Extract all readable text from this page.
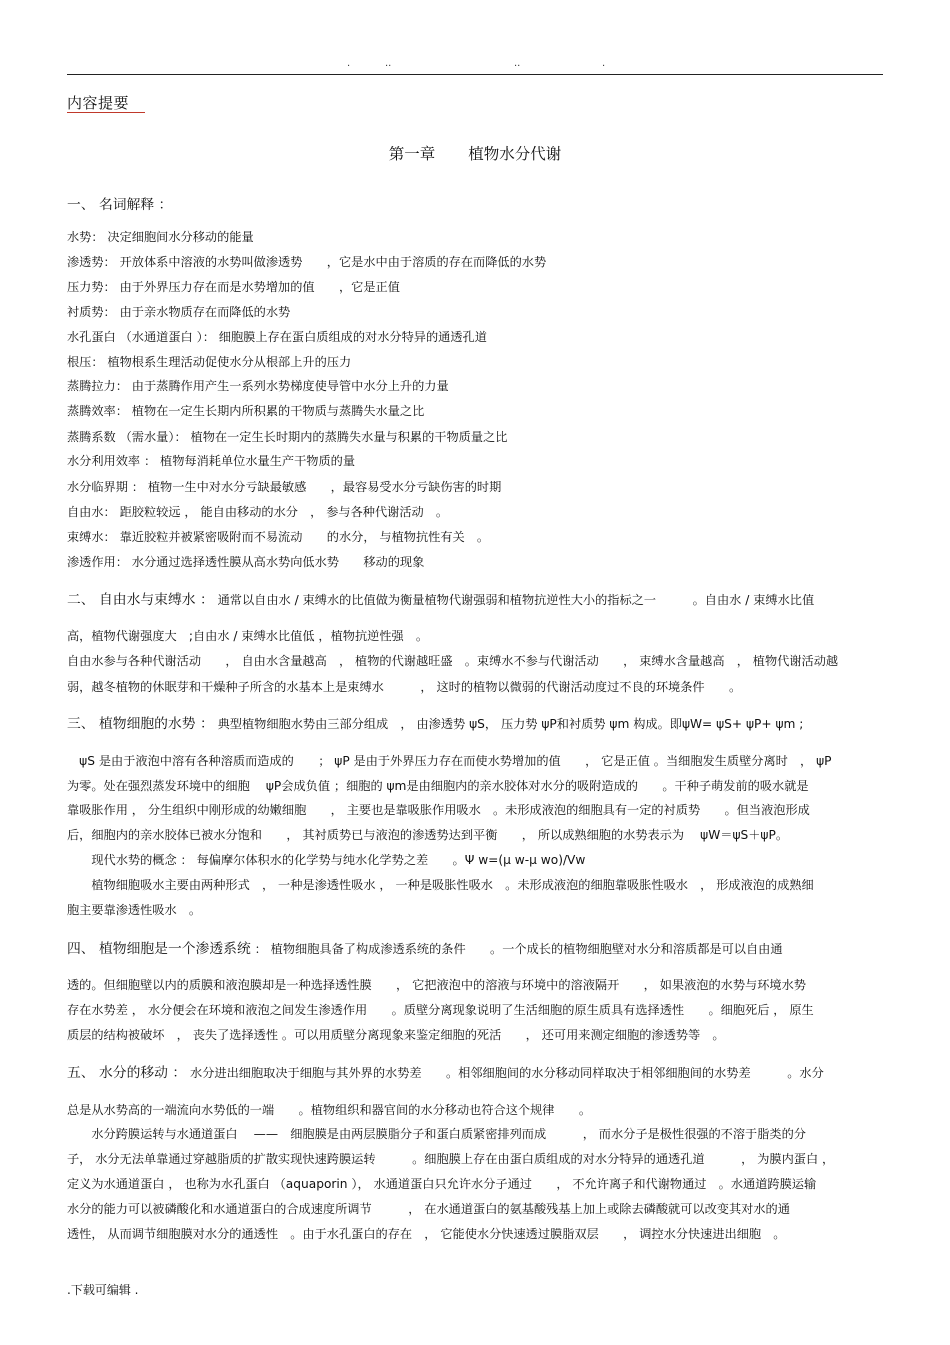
.	..	..	.
内容提要
第一章 植物水分代谢
一、 名词解释 ：
水势： 决定细胞间水分移动的能量
渗透势： 开放体系中溶液的水势叫做渗透势　　，它是水中由于溶质的存在而降低的水势
压力势： 由于外界压力存在而是水势增加的值　　，它是正值
衬质势： 由于亲水物质存在而降低的水势
水孔蛋白 （水通道蛋白 ）： 细胞膜上存在蛋白质组成的对水分特异的通透孔道
根压： 植物根系生理活动促使水分从根部上升的压力
蒸腾拉力： 由于蒸腾作用产生一系列水势梯度使导管中水分上升的力量
蒸腾效率： 植物在一定生长期内所积累的干物质与蒸腾失水量之比
蒸腾系数 （需水量）： 植物在一定生长时期内的蒸腾失水量与积累的干物质量之比
水分利用效率 ： 植物每消耗单位水量生产干物质的量
水分临界期 ： 植物一生中对水分亏缺最敏感　　，最容易受水分亏缺伤害的时期
自由水： 距胶粒较远 ， 能自由移动的水分　， 参与各种代谢活动　。
束缚水： 靠近胶粒并被紧密吸附而不易流动　　的水分， 与植物抗性有关　。
渗透作用： 水分通过选择透性膜从高水势向低水势　　移动的现象
二、 自由水与束缚水 ： 通常以自由水 / 束缚水的比值做为衡量植物代谢强弱和植物抗逆性大小的指标之一　　　。自由水 / 束缚水比值
高，植物代谢强度大　;自由水 / 束缚水比值低 ，植物抗逆性强　。
自由水参与各种代谢活动　　， 自由水含量越高　， 植物的代谢越旺盛　。束缚水不参与代谢活动　　， 束缚水含量越高　， 植物代谢活动越
弱，越冬植物的休眠芽和干燥种子所含的水基本上是束缚水　　　， 这时的植物以微弱的代谢活动度过不良的环境条件　　。
三、 植物细胞的水势 ： 典型植物细胞水势由三部分组成　， 由渗透势 ψS， 压力势 ψP和衬质势 ψm 构成。即ψW= ψS+ ψP+ ψm ;
　ψS 是由于液泡中溶有各种溶质而造成的　　； ψP 是由于外界压力存在而使水势增加的值　　， 它是正值 。当细胞发生质壁分离时　， ψP
为零。处在强烈蒸发环境中的细胞　 ψP会成负值 ；细胞的 ψm是由细胞内的亲水胶体对水分的吸附造成的　　。干种子萌发前的吸水就是
靠吸胀作用 ， 分生组织中刚形成的幼嫩细胞　　， 主要也是靠吸胀作用吸水　。未形成液泡的细胞具有一定的衬质势　　。但当液泡形成
后，细胞内的亲水胶体已被水分饱和　　， 其衬质势已与液泡的渗透势达到平衡　　， 所以成熟细胞的水势表示为　 ψW＝ψS＋ψP。
　　现代水势的概念 ： 每偏摩尔体积水的化学势与纯水化学势之差　　。Ψ w=(μ w-μ wo)/Vw
　　植物细胞吸水主要由两种形式　， 一种是渗透性吸水 ， 一种是吸胀性吸水　。未形成液泡的细胞靠吸胀性吸水　， 形成液泡的成熟细
胞主要靠渗透性吸水　。
四、 植物细胞是一个渗透系统 ： 植物细胞具备了构成渗透系统的条件　　。一个成长的植物细胞壁对水分和溶质都是可以自由通
透的。但细胞壁以内的质膜和液泡膜却是一种选择透性膜　　， 它把液泡中的溶液与环境中的溶液隔开　　， 如果液泡的水势与环境水势
存在水势差 ， 水分便会在环境和液泡之间发生渗透作用　　。质壁分离现象说明了生活细胞的原生质具有选择透性　　。细胞死后 ， 原生
质层的结构被破坏　， 丧失了选择透性 。可以用质壁分离现象来鉴定细胞的死活　　， 还可用来测定细胞的渗透势等　。
五、 水分的移动 ： 水分进出细胞取决于细胞与其外界的水势差　　。相邻细胞间的水分移动同样取决于相邻细胞间的水势差　　　。水分
总是从水势高的一端流向水势低的一端　　。植物组织和器官间的水分移动也符合这个规律　　。
　　水分跨膜运转与水通道蛋白　 ——　细胞膜是由两层膜脂分子和蛋白质紧密排列而成　　　， 而水分子是极性很强的不溶于脂类的分
子， 水分无法单靠通过穿越脂质的扩散实现快速跨膜运转　　　。细胞膜上存在由蛋白质组成的对水分特异的通透孔道　　　， 为膜内蛋白 ，
定义为水通道蛋白 ， 也称为水孔蛋白 （aquaporin ）， 水通道蛋白只允许水分子通过　　， 不允许离子和代谢物通过　。水通道跨膜运输
水分的能力可以被磷酸化和水通道蛋白的合成速度所调节　　　， 在水通道蛋白的氨基酸残基上加上或除去磷酸就可以改变其对水的通
透性， 从而调节细胞膜对水分的通透性　。由于水孔蛋白的存在　， 它能使水分快速透过膜脂双层　　， 调控水分快速进出细胞　。
.下载可编辑 .
